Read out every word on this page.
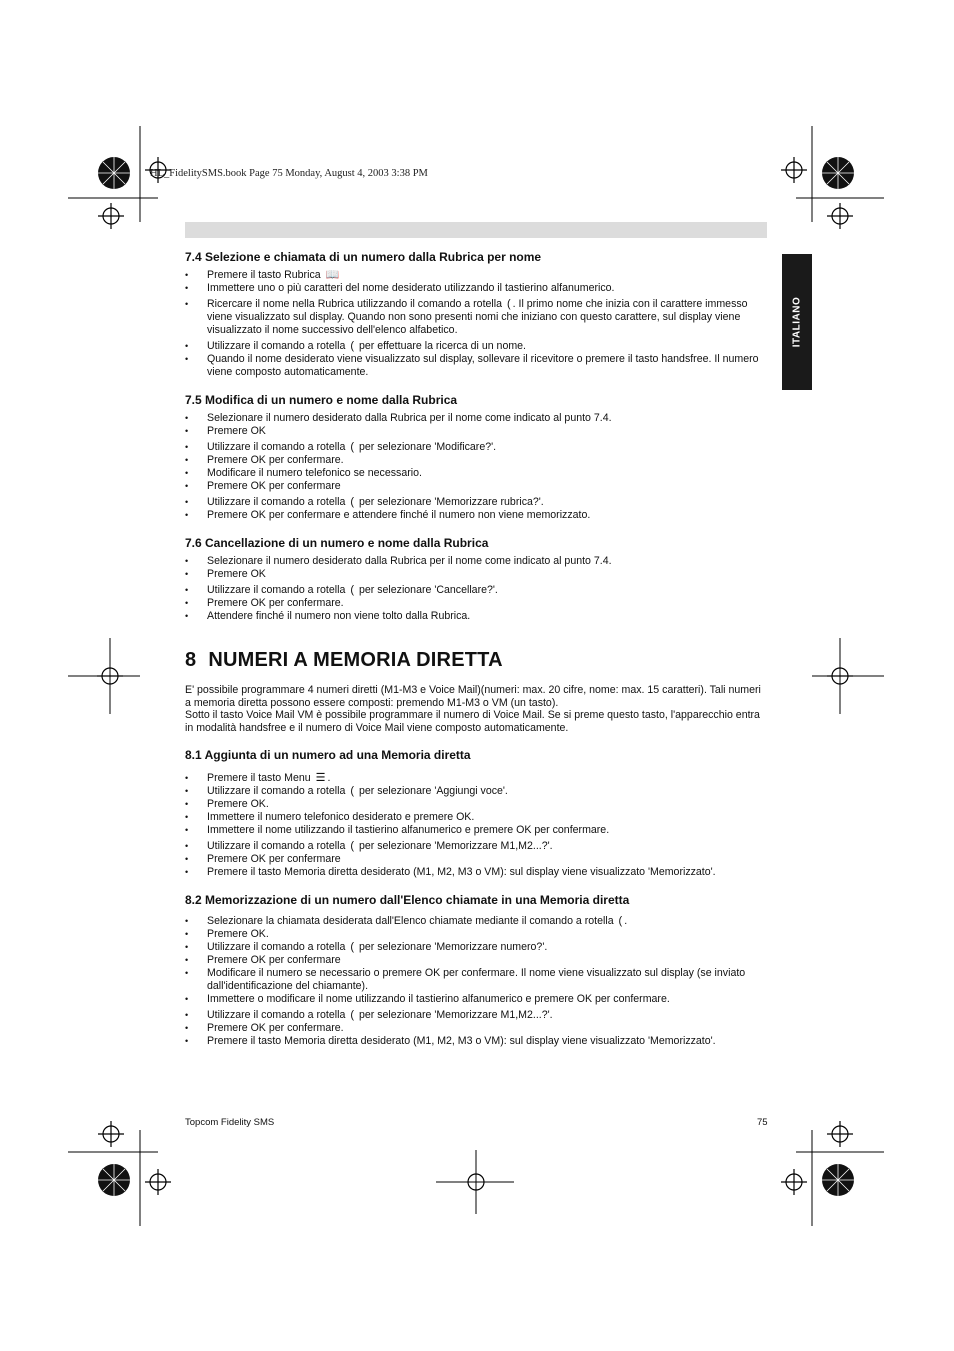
HL_FidelitySMS.book Page 75 Monday, August 4, 2003 3:38 PM
ITALIANO
7.4 Selezione e chiamata di un numero dalla Rubrica per nome
• Premere il tasto Rubrica 📖
• Immettere uno o più caratteri del nome desiderato utilizzando il tastierino alfanumerico.
• Ricercare il nome nella Rubrica utilizzando il comando a rotella ( . Il primo nome che inizia con il carattere immesso viene visualizzato sul display. Quando non sono presenti nomi che iniziano con questo carattere, sul display viene visualizzato il nome successivo dell'elenco alfabetico.
• Utilizzare il comando a rotella ( per effettuare la ricerca di un nome.
• Quando il nome desiderato viene visualizzato sul display, sollevare il ricevitore o premere il tasto handsfree. Il numero viene composto automaticamente.
7.5 Modifica di un numero e nome dalla Rubrica
• Selezionare il numero desiderato dalla Rubrica per il nome come indicato al punto 7.4.
• Premere OK
• Utilizzare il comando a rotella ( per selezionare 'Modificare?'.
• Premere OK per confermare.
• Modificare il numero telefonico se necessario.
• Premere OK per confermare
• Utilizzare il comando a rotella ( per selezionare 'Memorizzare rubrica?'.
• Premere OK per confermare e attendere finché il numero non viene memorizzato.
7.6 Cancellazione di un numero e nome dalla Rubrica
• Selezionare il numero desiderato dalla Rubrica per il nome come indicato al punto 7.4.
• Premere OK
• Utilizzare il comando a rotella ( per selezionare 'Cancellare?'.
• Premere OK per confermare.
• Attendere finché il numero non viene tolto dalla Rubrica.
8 NUMERI A MEMORIA DIRETTA

E' possibile programmare 4 numeri diretti (M1-M3 e Voice Mail)(numeri: max. 20 cifre, nome: max. 15 caratteri). Tali numeri a memoria diretta possono essere composti: premendo M1-M3 o VM (un tasto).
Sotto il tasto Voice Mail VM è possibile programmare il numero di Voice Mail. Se si preme questo tasto, l'apparecchio entra in modalità handsfree e il numero di Voice Mail viene composto automaticamente.

8.1 Aggiunta di un numero ad una Memoria diretta
• Premere il tasto Menu ☰ .
• Utilizzare il comando a rotella ( per selezionare 'Aggiungi voce'.
• Premere OK.
• Immettere il numero telefonico desiderato e premere OK.
• Immettere il nome utilizzando il tastierino alfanumerico e premere OK per confermare.
• Utilizzare il comando a rotella ( per selezionare 'Memorizzare M1,M2...?'.
• Premere OK per confermare
• Premere il tasto Memoria diretta desiderato (M1, M2, M3 o VM): sul display viene visualizzato 'Memorizzato'.
8.2 Memorizzazione di un numero dall'Elenco chiamate in una Memoria diretta
• Selezionare la chiamata desiderata dall'Elenco chiamate mediante il comando a rotella ( .
• Premere OK.
• Utilizzare il comando a rotella ( per selezionare 'Memorizzare numero?'.
• Premere OK per confermare
• Modificare il numero se necessario o premere OK per confermare. Il nome viene visualizzato sul display (se inviato dall'identificazione del chiamante).
• Immettere o modificare il nome utilizzando il tastierino alfanumerico e premere OK per confermare.
• Utilizzare il comando a rotella ( per selezionare 'Memorizzare M1,M2...?'.
• Premere OK per confermare.
• Premere il tasto Memoria diretta desiderato (M1, M2, M3 o VM): sul display viene visualizzato 'Memorizzato'.
Topcom Fidelity SMS	75
